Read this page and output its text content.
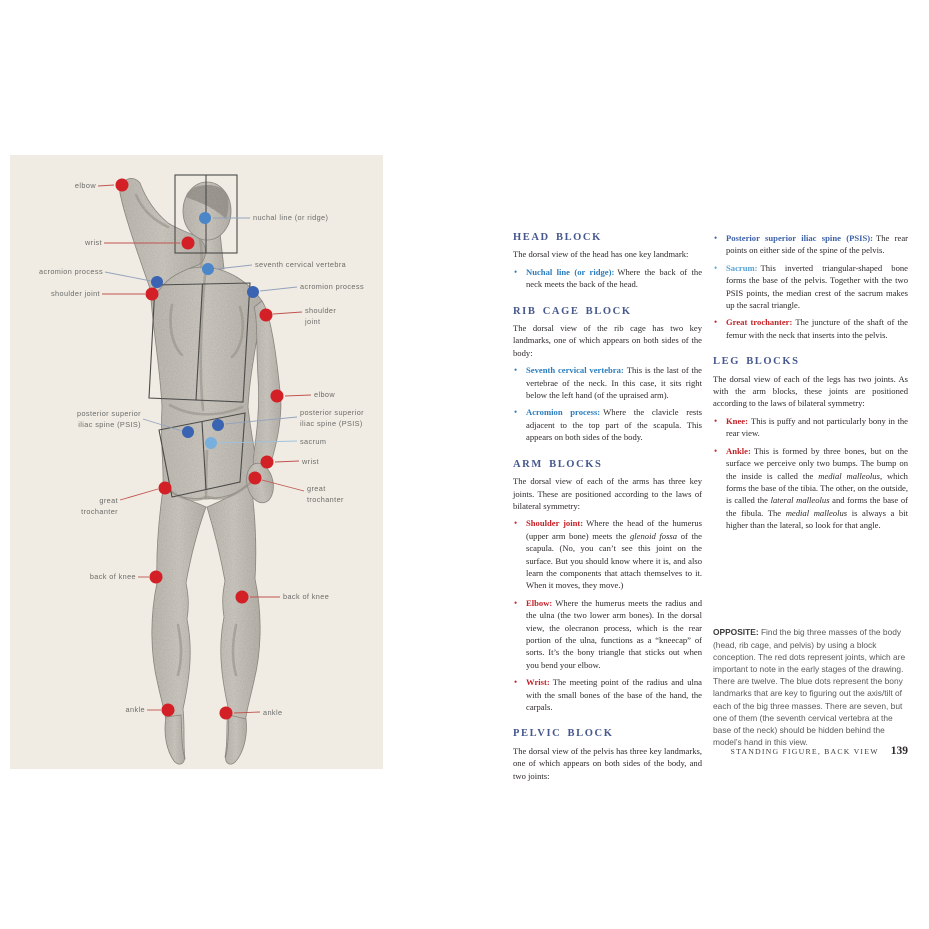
elbow
wrist
acromion process
shoulder joint
posterior superior
iliac spine (PSIS)
great
trochanter
back of knee
ankle
nuchal line (or ridge)
seventh cervical vertebra
acromion process
shoulder
joint
elbow
posterior superior
iliac spine (PSIS)
sacrum
wrist
great
trochanter
back of knee
ankle
HEAD BLOCK

The dorsal view of the head has one key landmark:

•

Nuchal line (or ridge): Where the back of the neck meets the back of the head.

RIB CAGE BLOCK

The dorsal view of the rib cage has two key landmarks, one of which appears on both sides of the body:

•

Seventh cervical vertebra: This is the last of the vertebrae of the neck. In this case, it sits right below the left hand (of the upraised arm).

•

Acromion process: Where the clavicle rests adjacent to the top part of the scapula. This appears on both sides of the body.

ARM BLOCKS

The dorsal view of each of the arms has three key joints. These are positioned according to the laws of bilateral symmetry:

•

Shoulder joint: Where the head of the humerus (upper arm bone) meets the glenoid fossa of the scapula. (No, you can’t see this joint on the surface. But you should know where it is, and also learn the components that attach themselves to it. When it moves, they move.)

•

Elbow: Where the humerus meets the radius and the ulna (the two lower arm bones). In the dorsal view, the olecranon process, which is the rear portion of the ulna, functions as a “kneecap” of sorts. It’s the bony triangle that sticks out when you bend your elbow.

•

Wrist: The meeting point of the radius and ulna with the small bones of the base of the hand, the carpals.

PELVIC BLOCK

The dorsal view of the pelvis has three key landmarks, one of which appears on both sides of the body, and two joints:

•

Posterior superior iliac spine (PSIS): The rear points on either side of the spine of the pelvis.

•

Sacrum: This inverted triangular-shaped bone forms the base of the pelvis. Together with the two PSIS points, the median crest of the sacrum makes up the sacral triangle.

•

Great trochanter: The juncture of the shaft of the femur with the neck that inserts into the pelvis.

LEG BLOCKS

The dorsal view of each of the legs has two joints. As with the arm blocks, these joints are positioned according to the laws of bilateral symmetry:

•

Knee: This is puffy and not particularly bony in the rear view.

•

Ankle: This is formed by three bones, but on the surface we perceive only two bumps. The bump on the inside is called the medial malleolus, which forms the base of the tibia. The other, on the outside, is called the lateral malleolus and forms the base of the fibula. The medial malleolus is always a bit higher than the lateral, so look for that angle.

OPPOSITE: Find the big three masses of the body (head, rib cage, and pelvis) by using a block conception. The red dots represent joints, which are important to note in the early stages of the drawing. There are twelve. The blue dots represent the bony landmarks that are key to figuring out the axis/tilt of each of the big three masses. There are seven, but one of them (the seventh cervical vertebra at the base of the neck) should be hidden behind the model’s hand in this view.

STANDING FIGURE, BACK VIEW 139
